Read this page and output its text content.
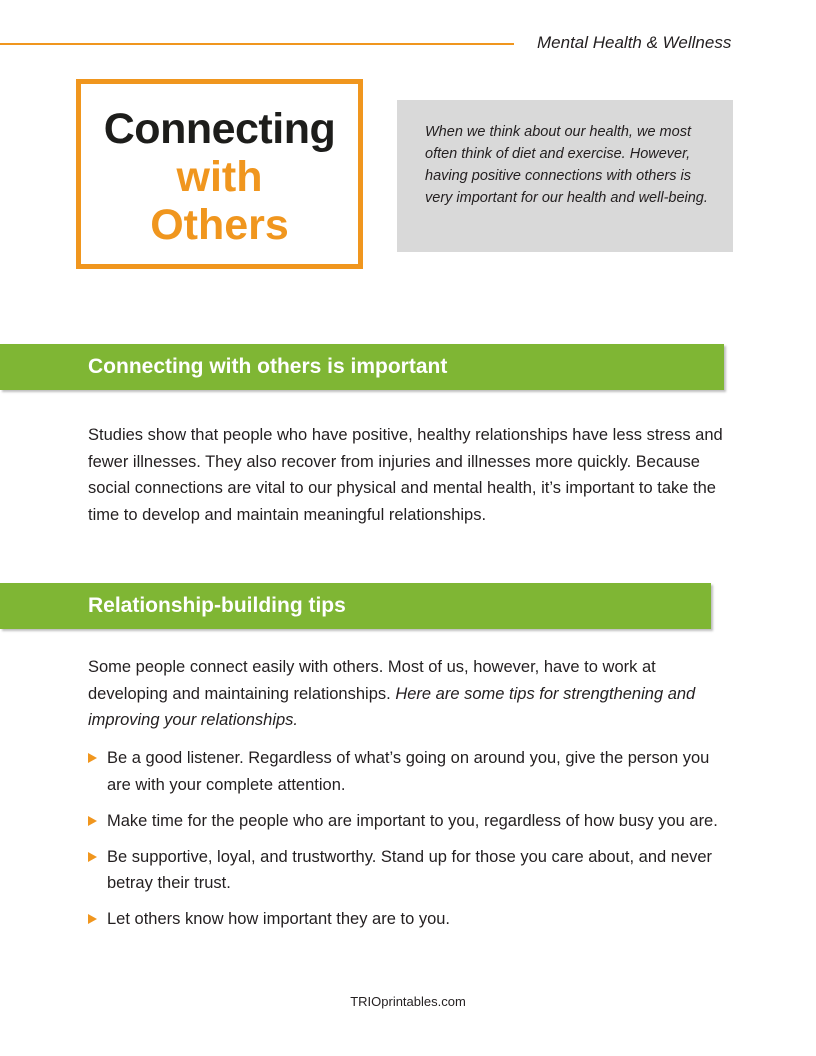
Mental Health & Wellness
Connecting
with
Others

When we think about our health, we most often think of diet and exercise. However, having positive connections with others is very important for our health and well-being.

Connecting with others is important

Studies show that people who have positive, healthy relationships have less stress and fewer illnesses. They also recover from injuries and illnesses more quickly. Because social connections are vital to our physical and mental health, it’s important to take the time to develop and maintain meaningful relationships.

Relationship-building tips

Some people connect easily with others. Most of us, however, have to work at developing and maintaining relationships. Here are some tips for strengthening and improving your relationships.

Be a good listener. Regardless of what’s going on around you, give the person you are with your complete attention.
Make time for the people who are important to you, regardless of how busy you are.
Be supportive, loyal, and trustworthy. Stand up for those you care about, and never betray their trust.
Let others know how important they are to you.
TRIOprintables.com
